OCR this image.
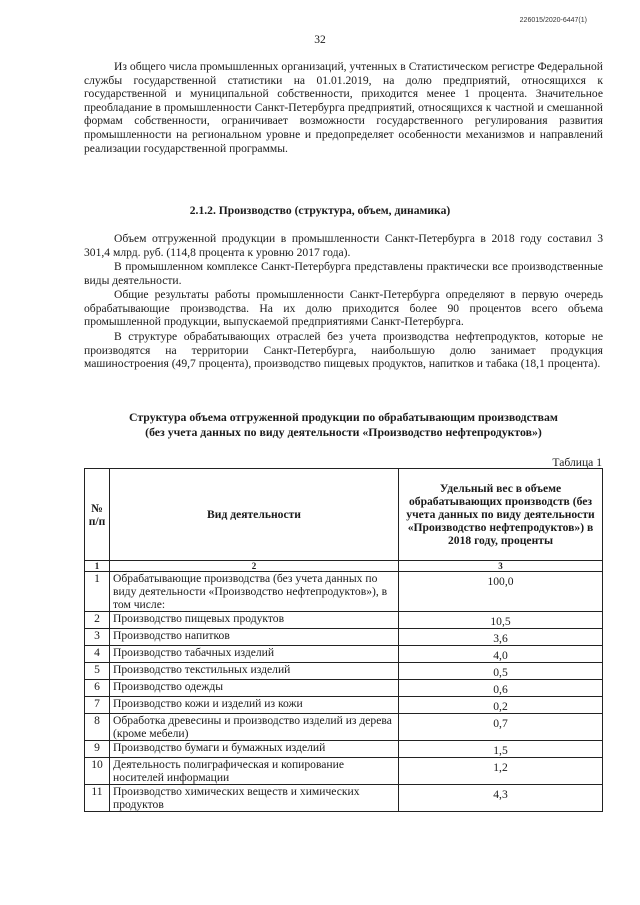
226015/2020-6447(1)
32

Из общего числа промышленных организаций, учтенных в Статистическом регистре Федеральной службы государственной статистики на 01.01.2019, на долю предприятий, относящихся к государственной и муниципальной собственности, приходится менее 1 процента. Значительное преобладание в промышленности Санкт-Петербурга предприятий, относящихся к частной и смешанной формам собственности, ограничивает возможности государственного регулирования развития промышленности на региональном уровне и предопределяет особенности механизмов и направлений реализации государственной программы.

2.1.2. Производство (структура, объем, динамика)

Объем отгруженной продукции в промышленности Санкт-Петербурга в 2018 году составил 3 301,4 млрд. руб. (114,8 процента к уровню 2017 года).

В промышленном комплексе Санкт-Петербурга представлены практически все производственные виды деятельности.

Общие результаты работы промышленности Санкт-Петербурга определяют в первую очередь обрабатывающие производства. На их долю приходится более 90 процентов всего объема промышленной продукции, выпускаемой предприятиями Санкт-Петербурга.

В структуре обрабатывающих отраслей без учета производства нефтепродуктов, которые не производятся на территории Санкт-Петербурга, наибольшую долю занимает продукция машиностроения (49,7 процента), производство пищевых продуктов, напитков и табака (18,1 процента).

Структура объема отгруженной продукции по обрабатывающим производствам
(без учета данных по виду деятельности «Производство нефтепродуктов»)
Таблица 1
№ п/п	Вид деятельности	Удельный вес в объеме обрабатывающих производств (без учета данных по виду деятельности «Производство нефтепродуктов») в 2018 году, проценты
1	2	3
1	Обрабатывающие производства (без учета данных по виду деятельности «Производство нефтепродуктов»), в том числе:	100,0
2	Производство пищевых продуктов	10,5
3	Производство напитков	3,6
4	Производство табачных изделий	4,0
5	Производство текстильных изделий	0,5
6	Производство одежды	0,6
7	Производство кожи и изделий из кожи	0,2
8	Обработка древесины и производство изделий из дерева (кроме мебели)	0,7
9	Производство бумаги и бумажных изделий	1,5
10	Деятельность полиграфическая и копирование носителей информации	1,2
11	Производство химических веществ и химических продуктов	4,3
